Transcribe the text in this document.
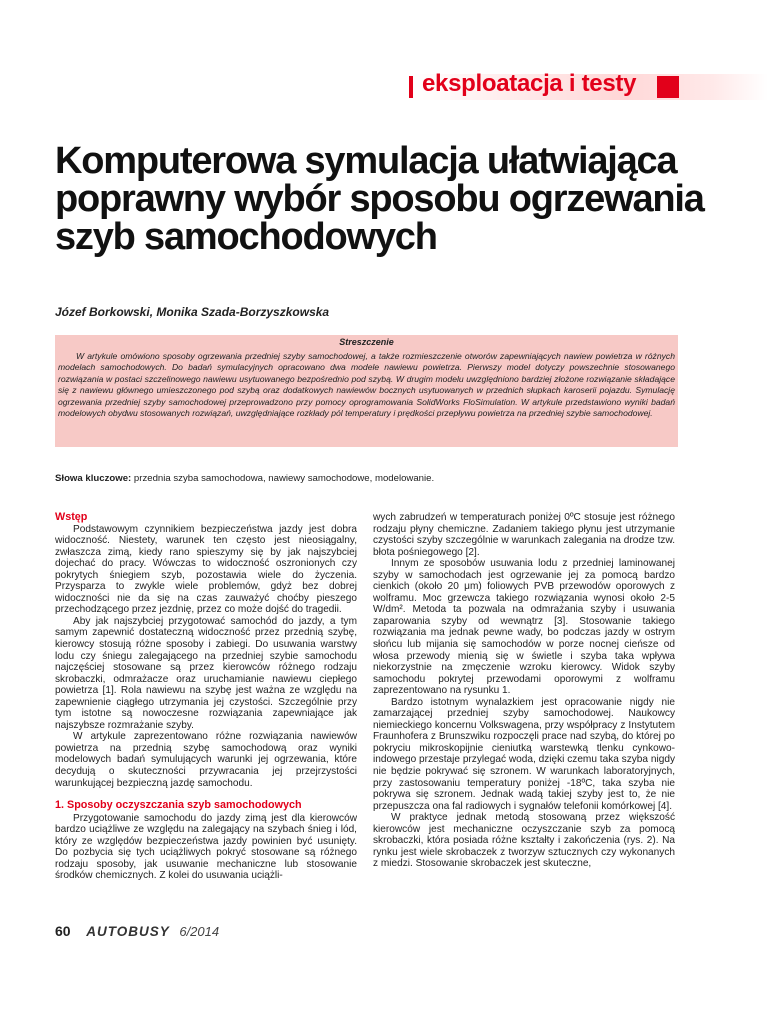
eksploatacja i testy
Komputerowa symulacja ułatwiająca poprawny wybór sposobu ogrzewania szyb samochodowych
Józef Borkowski, Monika Szada-Borzyszkowska
Streszczenie
W artykule omówiono sposoby ogrzewania przedniej szyby samochodowej, a także rozmieszczenie otworów zapewniających nawiew powietrza w różnych modelach samochodowych. Do badań symulacyjnych opracowano dwa modele nawiewu powietrza. Pierwszy model dotyczy powszechnie stosowanego rozwiązania w postaci szczelinowego nawiewu usytuowanego bezpośrednio pod szybą. W drugim modelu uwzględniono bardziej złożone rozwiązanie składające się z nawiewu głównego umieszczonego pod szybą oraz dodatkowych nawiewów bocznych usytuowanych w przednich słupkach karoserii pojazdu. Symulację ogrzewania przedniej szyby samochodowej przeprowadzono przy pomocy oprogramowania SolidWorks FloSimulation. W artykule przedstawiono wyniki badań modelowych obydwu stosowanych rozwiązań, uwzględniające rozkłady pól temperatury i prędkości przepływu powietrza na przedniej szybie samochodowej.
Słowa kluczowe: przednia szyba samochodowa, nawiewy samochodowe, modelowanie.

Wstęp

Podstawowym czynnikiem bezpieczeństwa jazdy jest dobra widoczność. Niestety, warunek ten często jest nieosiągalny, zwłaszcza zimą, kiedy rano spieszymy się by jak najszybciej dojechać do pracy. Wówczas to widoczność oszronionych czy pokrytych śniegiem szyb, pozostawia wiele do życzenia. Przysparza to zwykle wiele problemów, gdyż bez dobrej widoczności nie da się na czas zauważyć choćby pieszego przechodzącego przez jezdnię, przez co może dojść do tragedii.

Aby jak najszybciej przygotować samochód do jazdy, a tym samym zapewnić dostateczną widoczność przez przednią szybę, kierowcy stosują różne sposoby i zabiegi. Do usuwania warstwy lodu czy śniegu zalegającego na przedniej szybie samochodu najczęściej stosowane są przez kierowców różnego rodzaju skrobaczki, odmrażacze oraz uruchamianie nawiewu ciepłego powietrza [1]. Rola nawiewu na szybę jest ważna ze względu na zapewnienie ciągłego utrzymania jej czystości. Szczególnie przy tym istotne są nowoczesne rozwiązania zapewniające jak najszybsze rozmrażanie szyby.

W artykule zaprezentowano różne rozwiązania nawiewów powietrza na przednią szybę samochodową oraz wyniki modelowych badań symulujących warunki jej ogrzewania, które decydują o skuteczności przywracania jej przejrzystości warunkującej bezpieczną jazdę samochodu.

1. Sposoby oczyszczania szyb samochodowych

Przygotowanie samochodu do jazdy zimą jest dla kierowców bardzo uciążliwe ze względu na zalegający na szybach śnieg i lód, który ze względów bezpieczeństwa jazdy powinien być usunięty. Do pozbycia się tych uciążliwych pokryć stosowane są różnego rodzaju sposoby, jak usuwanie mechaniczne lub stosowanie środków chemicznych. Z kolei do usuwania uciążli-

wych zabrudzeń w temperaturach poniżej 0ºC stosuje jest różnego rodzaju płyny chemiczne. Zadaniem takiego płynu jest utrzymanie czystości szyby szczególnie w warunkach zalegania na drodze tzw. błota pośniegowego [2].

Innym ze sposobów usuwania lodu z przedniej laminowanej szyby w samochodach jest ogrzewanie jej za pomocą bardzo cienkich (około 20 μm) foliowych PVB przewodów oporowych z wolframu. Moc grzewcza takiego rozwiązania wynosi około 2-5 W/dm². Metoda ta pozwala na odmrażania szyby i usuwania zaparowania szyby od wewnątrz [3]. Stosowanie takiego rozwiązania ma jednak pewne wady, bo podczas jazdy w ostrym słońcu lub mijania się samochodów w porze nocnej cieńsze od włosa przewody mienią się w świetle i szyba taka wpływa niekorzystnie na zmęczenie wzroku kierowcy. Widok szyby samochodu pokrytej przewodami oporowymi z wolframu zaprezentowano na rysunku 1.

Bardzo istotnym wynalazkiem jest opracowanie nigdy nie zamarzającej przedniej szyby samochodowej. Naukowcy niemieckiego koncernu Volkswagena, przy współpracy z Instytutem Fraunhofera z Brunszwiku rozpoczęli prace nad szybą, do której po pokryciu mikroskopijnie cieniutką warstewką tlenku cynkowo-indowego przestaje przylegać woda, dzięki czemu taka szyba nigdy nie będzie pokrywać się szronem. W warunkach laboratoryjnych, przy zastosowaniu temperatury poniżej -18ºC, taka szyba nie pokrywa się szronem. Jednak wadą takiej szyby jest to, że nie przepuszcza ona fal radiowych i sygnałów telefonii komórkowej [4].

W praktyce jednak metodą stosowaną przez większość kierowców jest mechaniczne oczyszczanie szyb za pomocą skrobaczki, która posiada różne kształty i zakończenia (rys. 2). Na rynku jest wiele skrobaczek z tworzyw sztucznych czy wykonanych z miedzi. Stosowanie skrobaczek jest skuteczne,

60 AUTOBUSY 6/2014
